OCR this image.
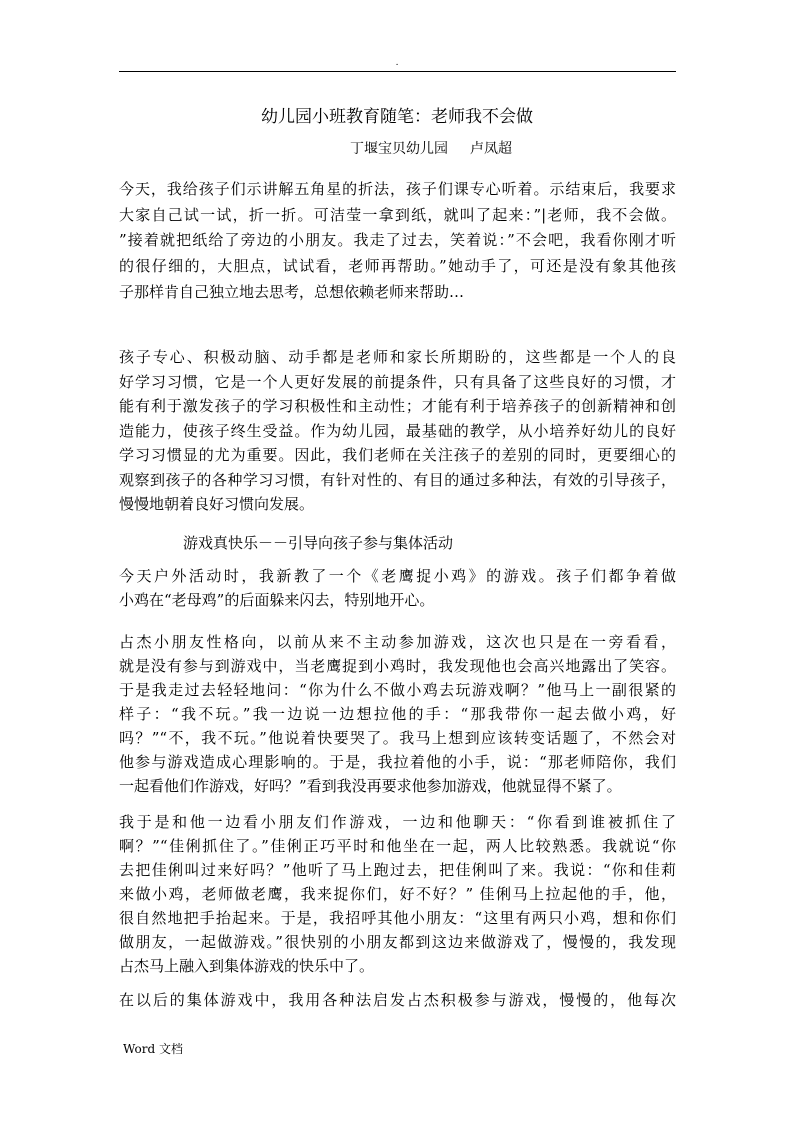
.
幼儿园小班教育随笔：老师我不会做
丁堰宝贝幼儿园 卢凤超
今天，我给孩子们示讲解五角星的折法，孩子们课专心听着。示结束后，我要求
大家自己试一试，折一折。可洁莹一拿到纸，就叫了起来：”|老师，我不会做。
”接着就把纸给了旁边的小朋友。我走了过去，笑着说：”不会吧，我看你刚才听
的很仔细的，大胆点，试试看，老师再帮助。”她动手了，可还是没有象其他孩
子那样肯自己独立地去思考，总想依赖老师来帮助…
孩子专心、积极动脑、动手都是老师和家长所期盼的，这些都是一个人的良
好学习习惯，它是一个人更好发展的前提条件，只有具备了这些良好的习惯，才
能有利于激发孩子的学习积极性和主动性；才能有利于培养孩子的创新精神和创
造能力，使孩子终生受益。作为幼儿园，最基础的教学，从小培养好幼儿的良好
学习习惯显的尤为重要。因此，我们老师在关注孩子的差别的同时，更要细心的
观察到孩子的各种学习习惯，有针对性的、有目的通过多种法，有效的引导孩子，
慢慢地朝着良好习惯向发展。
游戏真快乐－－引导向孩子参与集体活动
今天户外活动时，我新教了一个《老鹰捉小鸡》的游戏。孩子们都争着做
小鸡在“老母鸡”的后面躲来闪去，特别地开心。
占杰小朋友性格向，以前从来不主动参加游戏，这次也只是在一旁看看，
就是没有参与到游戏中，当老鹰捉到小鸡时，我发现他也会高兴地露出了笑容。
于是我走过去轻轻地问：“你为什么不做小鸡去玩游戏啊？”他马上一副很紧的
样子：“我不玩。”我一边说一边想拉他的手：“那我带你一起去做小鸡，好
吗？”“不，我不玩。”他说着快要哭了。我马上想到应该转变话题了，不然会对
他参与游戏造成心理影响的。于是，我拉着他的小手，说：“那老师陪你，我们
一起看他们作游戏，好吗？”看到我没再要求他参加游戏，他就显得不紧了。
我于是和他一边看小朋友们作游戏，一边和他聊天：“你看到谁被抓住了
啊？”“佳俐抓住了。”佳俐正巧平时和他坐在一起，两人比较熟悉。我就说“你
去把佳俐叫过来好吗？”他听了马上跑过去，把佳俐叫了来。我说：“你和佳莉
来做小鸡，老师做老鹰，我来捉你们，好不好？” 佳俐马上拉起他的手，他，
很自然地把手抬起来。于是，我招呼其他小朋友：“这里有两只小鸡，想和你们
做朋友，一起做游戏。”很快别的小朋友都到这边来做游戏了，慢慢的，我发现
占杰马上融入到集体游戏的快乐中了。
在以后的集体游戏中，我用各种法启发占杰积极参与游戏，慢慢的，他每次
Word 文档
